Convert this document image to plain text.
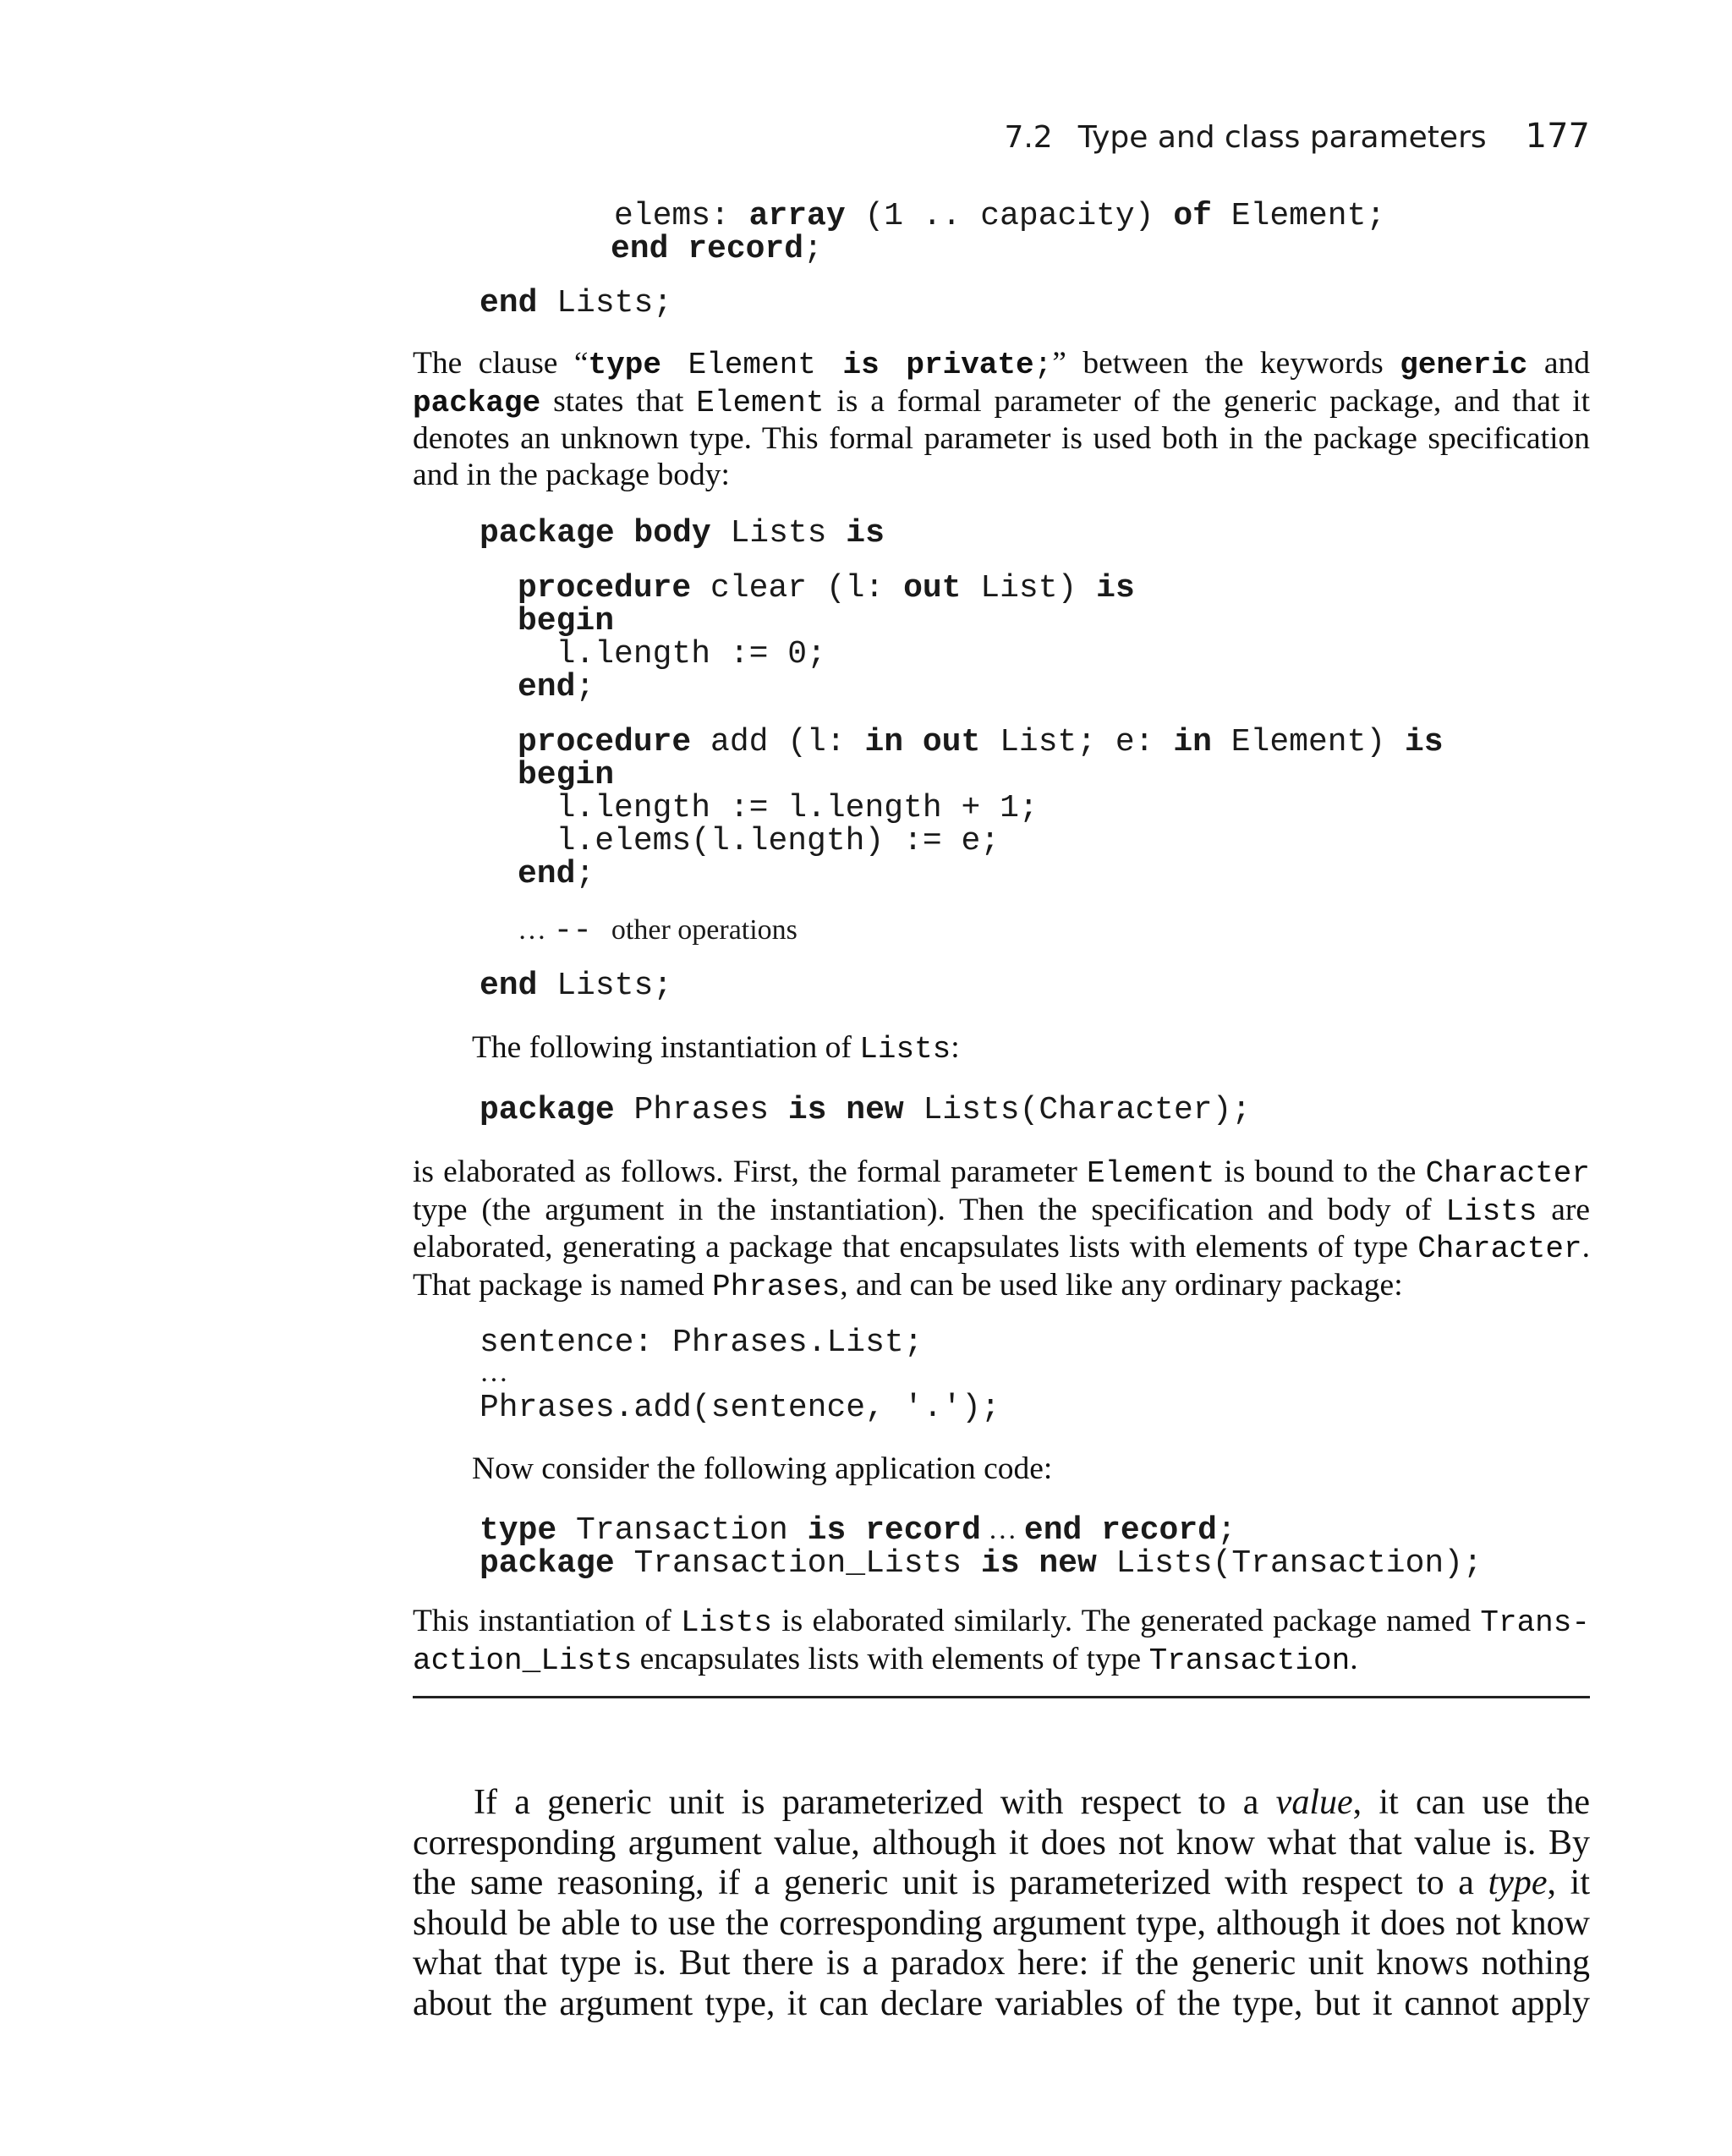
7.2 Type and class parameters 177
elems: array (1 .. capacity) of Element;
end record;
end Lists;
The clause “type Element is private;” between the keywords generic and
package states that Element is a formal parameter of the generic package, and that it
denotes an unknown type. This formal parameter is used both in the package specification
and in the package body:
package body Lists is
procedure clear (l: out List) is
begin
l.length := 0;
end;
procedure add (l: in out List; e: in Element) is
begin
l.length := l.length + 1;
l.elems(l.length) := e;
end;
… -- other operations
end Lists;
The following instantiation of Lists:
package Phrases is new Lists(Character);
is elaborated as follows. First, the formal parameter Element is bound to the Character
type (the argument in the instantiation). Then the specification and body of Lists are
elaborated, generating a package that encapsulates lists with elements of type Character.
That package is named Phrases, and can be used like any ordinary package:
sentence: Phrases.List;
…
Phrases.add(sentence, '.');
Now consider the following application code:
type Transaction is record … end record;
package Transaction_Lists is new Lists(Transaction);
This instantiation of Lists is elaborated similarly. The generated package named Trans-
action_Lists encapsulates lists with elements of type Transaction.
If a generic unit is parameterized with respect to a value, it can use the
corresponding argument value, although it does not know what that value is. By
the same reasoning, if a generic unit is parameterized with respect to a type, it
should be able to use the corresponding argument type, although it does not know
what that type is. But there is a paradox here: if the generic unit knows nothing
about the argument type, it can declare variables of the type, but it cannot apply
